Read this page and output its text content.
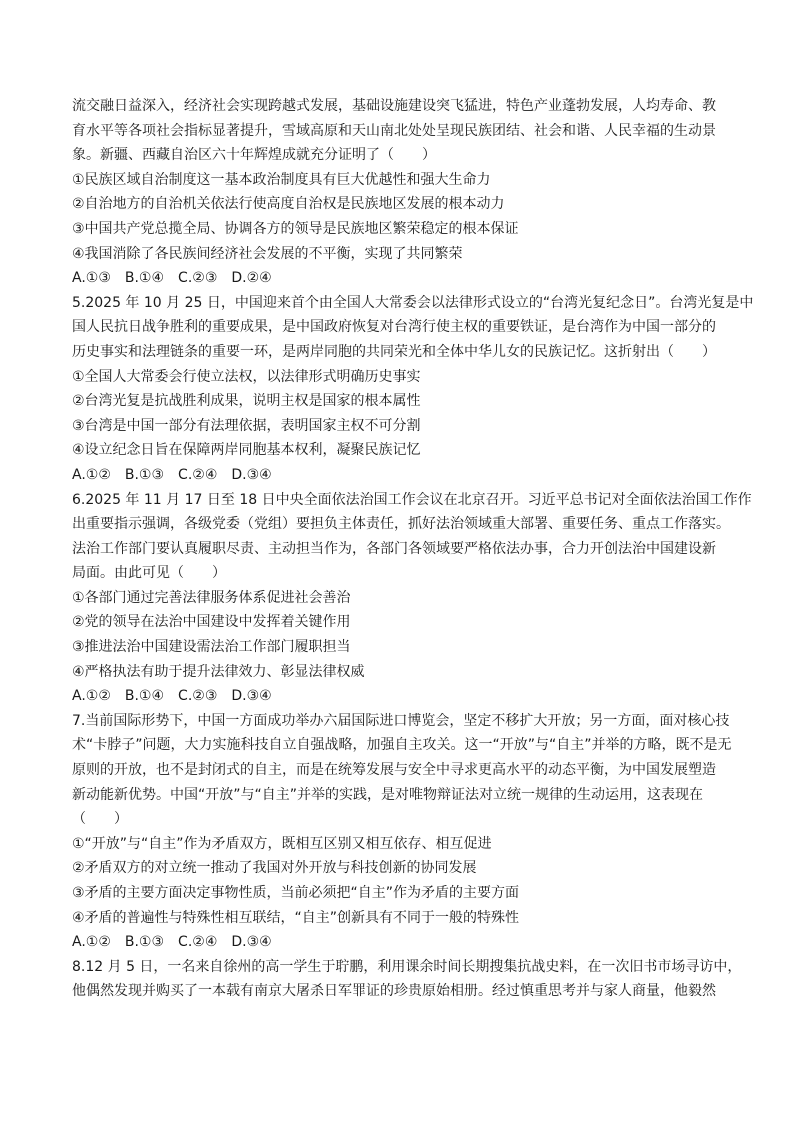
流交融日益深入，经济社会实现跨越式发展，基础设施建设突飞猛进，特色产业蓬勃发展，人均寿命、教
育水平等各项社会指标显著提升，雪域高原和天山南北处处呈现民族团结、社会和谐、人民幸福的生动景
象。新疆、西藏自治区六十年辉煌成就充分证明了（　　）
①民族区域自治制度这一基本政治制度具有巨大优越性和强大生命力
②自治地方的自治机关依法行使高度自治权是民族地区发展的根本动力
③中国共产党总揽全局、协调各方的领导是民族地区繁荣稳定的根本保证
④我国消除了各民族间经济社会发展的不平衡，实现了共同繁荣
A.①③　B.①④　C.②③　D.②④
5.2025 年 10 月 25 日，中国迎来首个由全国人大常委会以法律形式设立的“台湾光复纪念日”。台湾光复是中
国人民抗日战争胜利的重要成果，是中国政府恢复对台湾行使主权的重要铁证，是台湾作为中国一部分的
历史事实和法理链条的重要一环，是两岸同胞的共同荣光和全体中华儿女的民族记忆。这折射出（　　）
①全国人大常委会行使立法权，以法律形式明确历史事实
②台湾光复是抗战胜利成果，说明主权是国家的根本属性
③台湾是中国一部分有法理依据，表明国家主权不可分割
④设立纪念日旨在保障两岸同胞基本权利，凝聚民族记忆
A.①②　B.①③　C.②④　D.③④
6.2025 年 11 月 17 日至 18 日中央全面依法治国工作会议在北京召开。习近平总书记对全面依法治国工作作
出重要指示强调，各级党委（党组）要担负主体责任，抓好法治领域重大部署、重要任务、重点工作落实。
法治工作部门要认真履职尽责、主动担当作为，各部门各领域要严格依法办事，合力开创法治中国建设新
局面。由此可见（　　）
①各部门通过完善法律服务体系促进社会善治
②党的领导在法治中国建设中发挥着关键作用
③推进法治中国建设需法治工作部门履职担当
④严格执法有助于提升法律效力、彰显法律权威
A.①②　B.①④　C.②③　D.③④
7.当前国际形势下，中国一方面成功举办六届国际进口博览会，坚定不移扩大开放；另一方面，面对核心技
术“卡脖子”问题，大力实施科技自立自强战略，加强自主攻关。这一“开放”与“自主”并举的方略，既不是无
原则的开放，也不是封闭式的自主，而是在统筹发展与安全中寻求更高水平的动态平衡，为中国发展塑造
新动能新优势。中国“开放”与“自主”并举的实践，是对唯物辩证法对立统一规律的生动运用，这表现在
（　　）
①“开放”与“自主”作为矛盾双方，既相互区别又相互依存、相互促进
②矛盾双方的对立统一推动了我国对外开放与科技创新的协同发展
③矛盾的主要方面决定事物性质，当前必须把“自主”作为矛盾的主要方面
④矛盾的普遍性与特殊性相互联结，“自主”创新具有不同于一般的特殊性
A.①②　B.①③　C.②④　D.③④
8.12 月 5 日，一名来自徐州的高一学生于聍鹏，利用课余时间长期搜集抗战史料，在一次旧书市场寻访中，
他偶然发现并购买了一本载有南京大屠杀日军罪证的珍贵原始相册。经过慎重思考并与家人商量，他毅然
